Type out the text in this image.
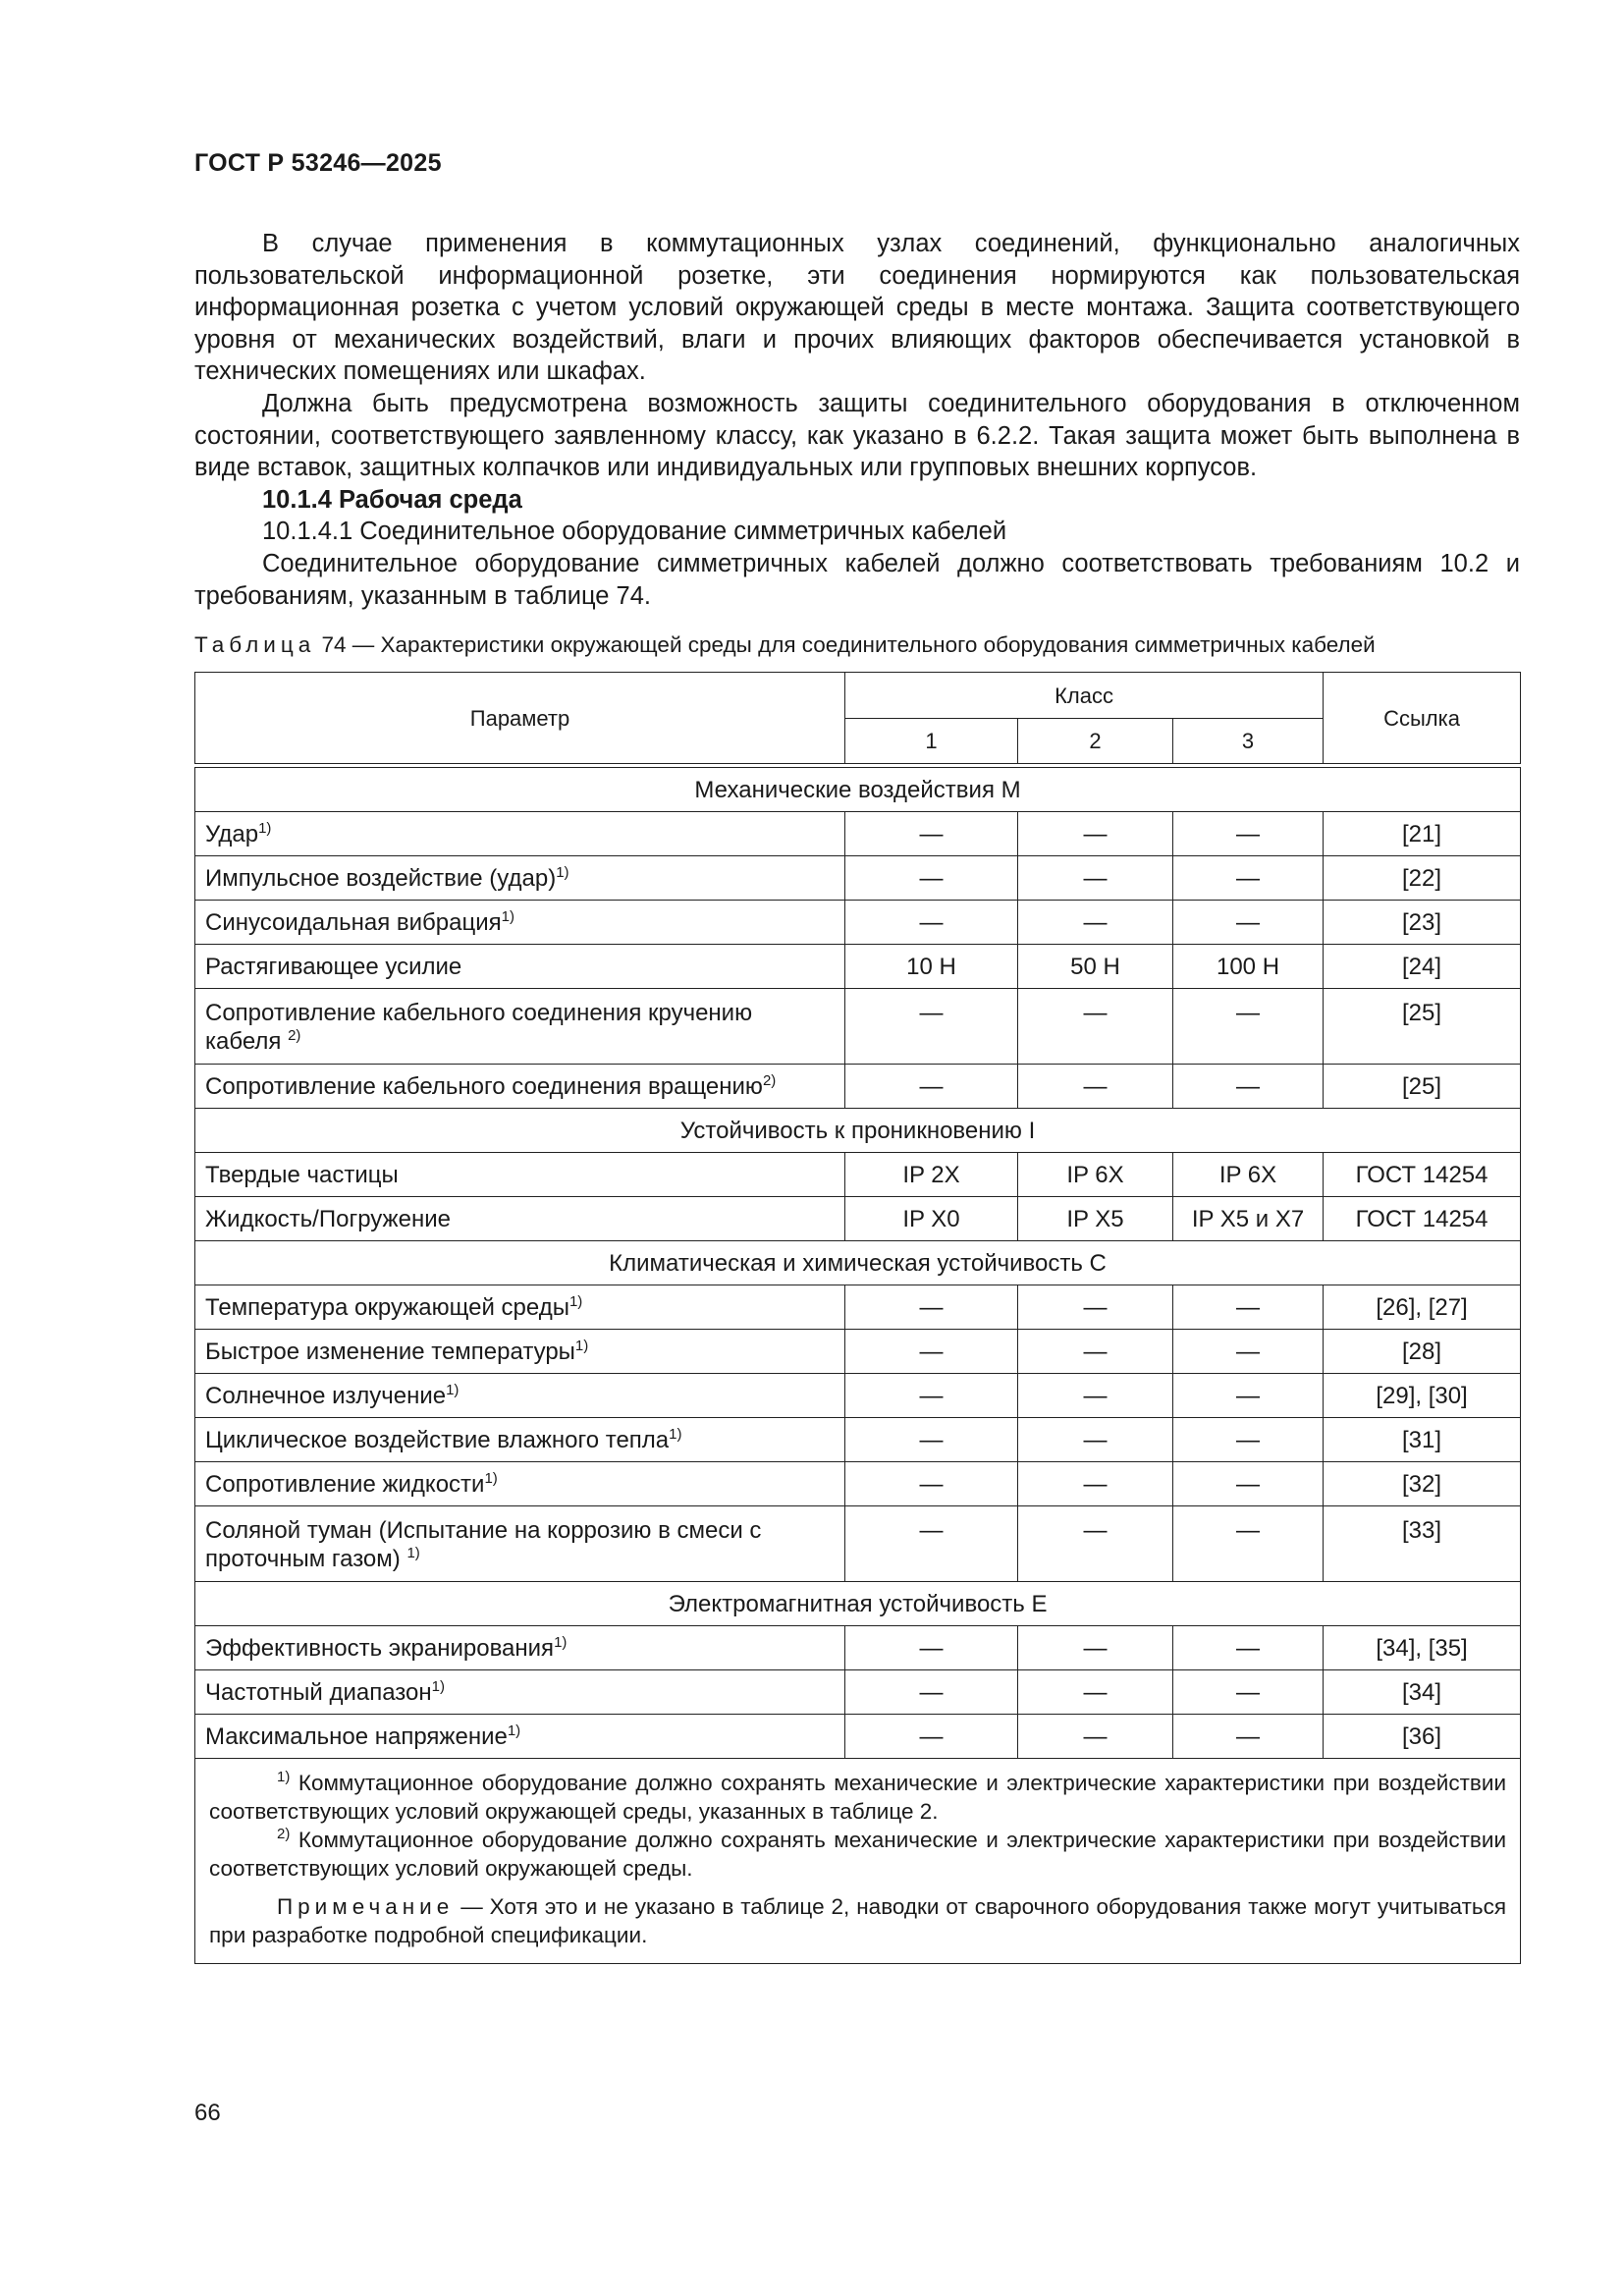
ГОСТ Р 53246—2025

В случае применения в коммутационных узлах соединений, функционально аналогичных пользовательской информационной розетке, эти соединения нормируются как пользовательская информационная розетка с учетом условий окружающей среды в месте монтажа. Защита соответствующего уровня от механических воздействий, влаги и прочих влияющих факторов обеспечивается установкой в технических помещениях или шкафах.

Должна быть предусмотрена возможность защиты соединительного оборудования в отключенном состоянии, соответствующего заявленному классу, как указано в 6.2.2. Такая защита может быть выполнена в виде вставок, защитных колпачков или индивидуальных или групповых внешних корпусов.

10.1.4 Рабочая среда

10.1.4.1 Соединительное оборудование симметричных кабелей

Соединительное оборудование симметричных кабелей должно соответствовать требованиям 10.2 и требованиям, указанным в таблице 74.

Таблица 74 — Характеристики окружающей среды для соединительного оборудования симметричных кабелей
Параметр	Класс			Ссылка
	1	2	3	

Механические воздействия M				
Удар$^{1)}$	—	—	—	[21]
Импульсное воздействие (удар)$^{1)}$	—	—	—	[22]
Синусоидальная вибрация$^{1)}$	—	—	—	[23]
Растягивающее усилие	10 Н	50 Н	100 Н	[24]
Сопротивление кабельного соединения кручению кабеля $^{2)}$	—	—	—	[25]
Сопротивление кабельного соединения вращению$^{2)}$	—	—	—	[25]
Устойчивость к проникновению I				
Твердые частицы	IP 2X	IP 6X	IP 6X	ГОСТ 14254
Жидкость/Погружение	IP X0	IP X5	IP X5 и X7	ГОСТ 14254
Климатическая и химическая устойчивость C				
Температура окружающей среды$^{1)}$	—	—	—	[26], [27]
Быстрое изменение температуры$^{1)}$	—	—	—	[28]
Солнечное излучение$^{1)}$	—	—	—	[29], [30]
Циклическое воздействие влажного тепла$^{1)}$	—	—	—	[31]
Сопротивление жидкости$^{1)}$	—	—	—	[32]
Соляной туман (Испытание на коррозию в смеси с проточным газом) $^{1)}$	—	—	—	[33]
Электромагнитная устойчивость E				
Эффективность экранирования$^{1)}$	—	—	—	[34], [35]
Частотный диапазон$^{1)}$	—	—	—	[34]
Максимальное напряжение$^{1)}$	—	—	—	[36]

$^{1)}$ Коммутационное оборудование должно сохранять механические и электрические характеристики при воздействии соответствующих условий окружающей среды, указанных в таблице 2.

$^{2)}$ Коммутационное оборудование должно сохранять механические и электрические характеристики при воздействии соответствующих условий окружающей среды.

Примечание — Хотя это и не указано в таблице 2, наводки от сварочного оборудования также могут учитываться при разработке подробной спецификации.				

66
